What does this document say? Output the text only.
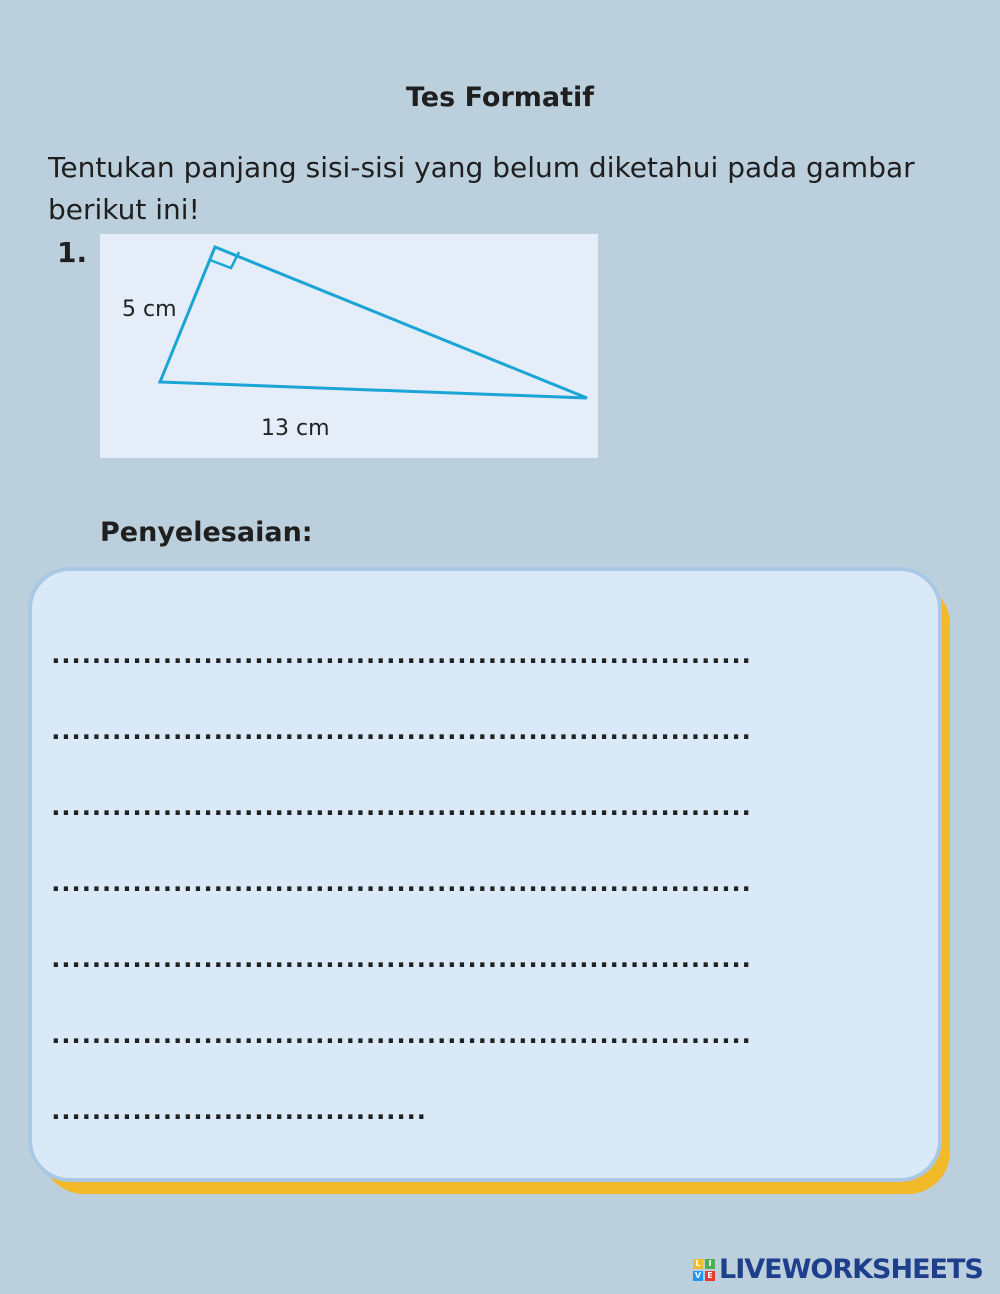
Tes Formatif
Tentukan panjang sisi-sisi yang belum diketahui pada gambar berikut ini!
1.
5 cm
13 cm
Penyelesaian:
.....................................................................
.....................................................................
.....................................................................
.....................................................................
.....................................................................
.....................................................................
.....................................
L I
V E LIVEWORKSHEETS
